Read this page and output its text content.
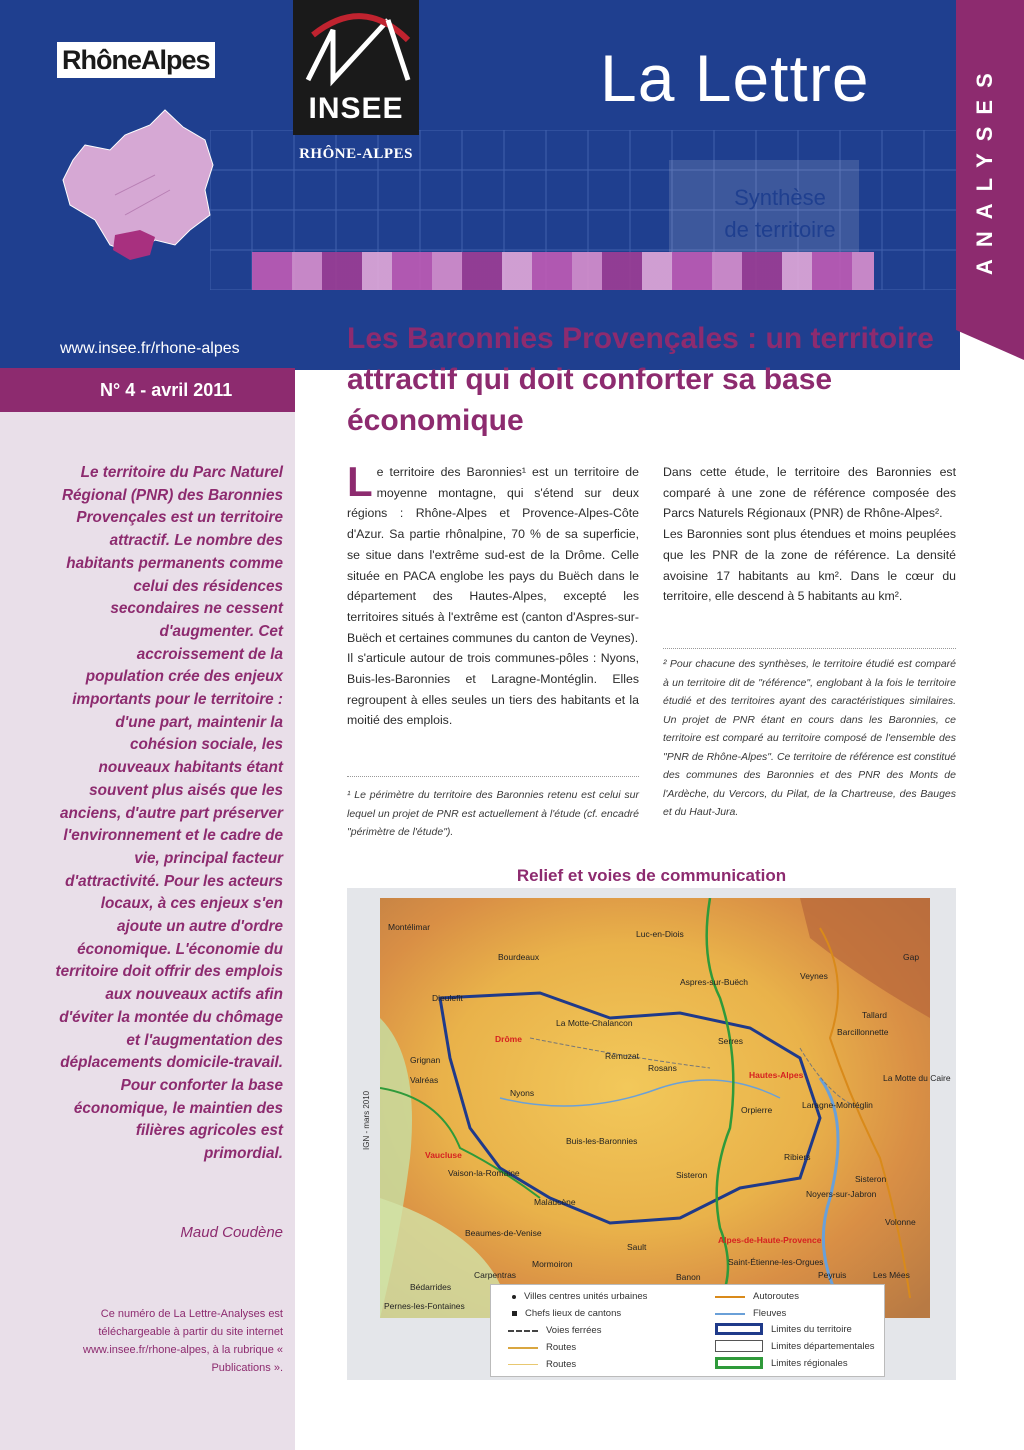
INSEE
RHÔNE-ALPES
RhôneAlpes
www.insee.fr/rhone-alpes
La Lettre
Synthèse
de territoire	ANALYSES
N° 4 - avril 2011
Le territoire du Parc Naturel Régional (PNR) des Baronnies Provençales est un territoire attractif. Le nombre des habitants permanents comme celui des résidences secondaires ne cessent d'augmenter. Cet accroissement de la population crée des enjeux importants pour le territoire : d'une part, maintenir la cohésion sociale, les nouveaux habitants étant souvent plus aisés que les anciens, d'autre part préserver l'environnement et le cadre de vie, principal facteur d'attractivité. Pour les acteurs locaux, à ces enjeux s'en ajoute un autre d'ordre économique. L'économie du territoire doit offrir des emplois aux nouveaux actifs afin d'éviter la montée du chômage et l'augmentation des déplacements domicile-travail. Pour conforter la base économique, le maintien des filières agricoles est primordial.
Maud Coudène
Ce numéro de La Lettre-Analyses est téléchargeable à partir du site internet www.insee.fr/rhone-alpes, à la rubrique « Publications ».
Les Baronnies Provençales : un territoire attractif qui doit conforter sa base économique

Le territoire des Baronnies¹ est un territoire de moyenne montagne, qui s'étend sur deux régions : Rhône-Alpes et Provence-Alpes-Côte d'Azur. Sa partie rhônalpine, 70 % de sa superficie, se situe dans l'extrême sud-est de la Drôme. Celle située en PACA englobe les pays du Buëch dans le département des Hautes-Alpes, excepté les territoires situés à l'extrême est (canton d'Aspres-sur-Buëch et certaines communes du canton de Veynes).

Il s'articule autour de trois communes-pôles : Nyons, Buis-les-Baronnies et Laragne-Montéglin. Elles regroupent à elles seules un tiers des habitants et la moitié des emplois.

¹ Le périmètre du territoire des Baronnies retenu est celui sur lequel un projet de PNR est actuellement à l'étude (cf. encadré "périmètre de l'étude").

Dans cette étude, le territoire des Baronnies est comparé à une zone de référence composée des Parcs Naturels Régionaux (PNR) de Rhône-Alpes².

Les Baronnies sont plus étendues et moins peuplées que les PNR de la zone de référence. La densité avoisine 17 habitants au km². Dans le cœur du territoire, elle descend à 5 habitants au km².

² Pour chacune des synthèses, le territoire étudié est comparé à un territoire dit de "référence", englobant à la fois le territoire étudié et des territoires ayant des caractéristiques similaires. Un projet de PNR étant en cours dans les Baronnies, ce territoire est comparé au territoire composé de l'ensemble des "PNR de Rhône-Alpes". Ce territoire de référence est constitué des communes des Baronnies et des PNR des Monts de l'Ardèche, du Vercors, du Pilat, de la Chartreuse, des Bauges et du Haut-Jura.
Relief et voies de communication
Montélimar
Bourdeaux
Luc-en-Diois
Gap
Veynes
Aspres-sur-Buëch
Dieulefit
Tallard
Barcillonnette
La Motte-Chalancon
Drôme
Rémuzat
Rosans
Serres
Hautes-Alpes
Grignan
Valréas	La Motte du Caire
Nyons
Orpierre	Laragne-Montéglin
Buis-les-Baronnies
Ribiers
Vaucluse
Vaison-la-Romaine	Sisteron	Sisteron
Noyers-sur-Jabron
Malaucène
Volonne
Beaumes-de-Venise
Alpes-de-Haute-Provence
Sault
Mormoiron	Saint-Étienne-les-Orgues
Peyruis	Les Mées
Carpentras	Banon
Bédarrides
Pernes-les-Fontaines
IGN - mars 2010
Villes centres unités urbaines
Chefs lieux de cantons
Voies ferrées
Routes
Routes
Autoroutes
Fleuves
Limites du territoire
Limites départementales
Limites régionales
